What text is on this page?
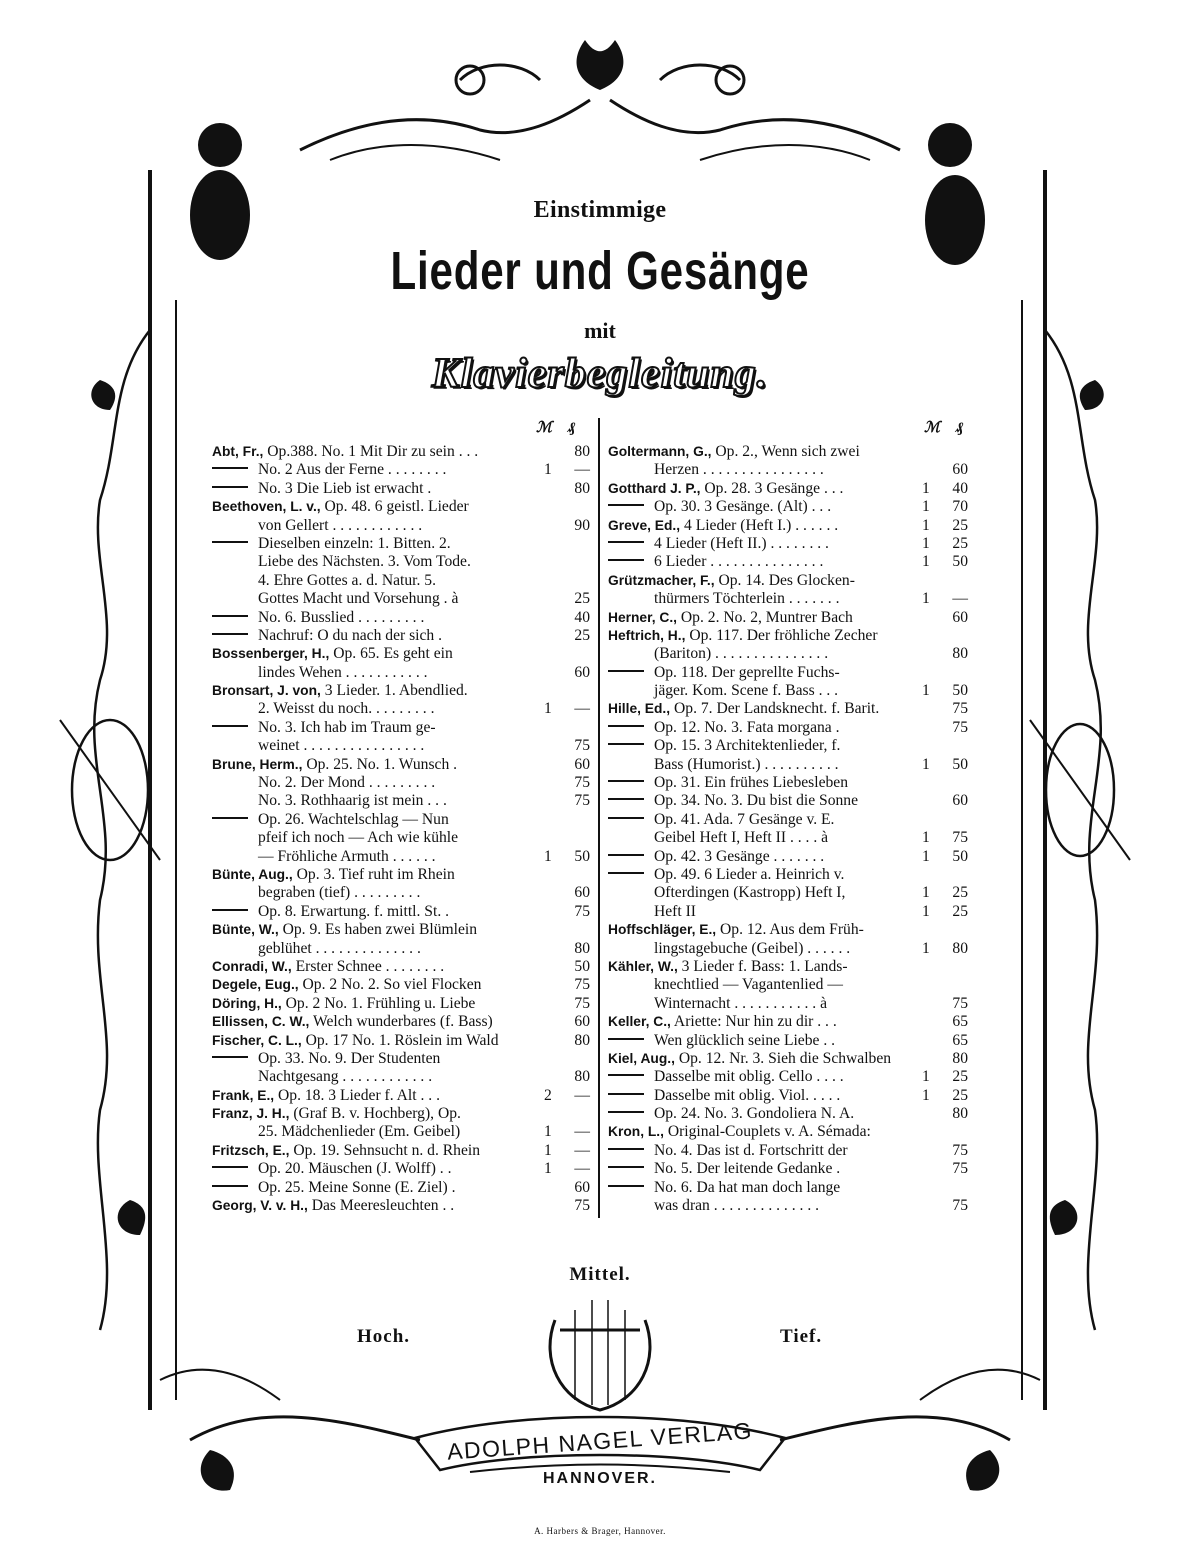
Einstimmige
Lieder und Gesänge
mit
Klavierbegleitung.
ℳ ₰	ℳ ₰
Abt, Fr., Op.388. No. 1 Mit Dir zu sein . . .	80
No. 2 Aus der Ferne . . . . . . . .	1	—
No. 3 Die Lieb ist erwacht .	80
Beethoven, L. v., Op. 48. 6 geistl. Lieder
von Gellert . . . . . . . . . . . .	90
Dieselben einzeln: 1. Bitten. 2.
Liebe des Nächsten. 3. Vom Tode.
4. Ehre Gottes a. d. Natur. 5.
Gottes Macht und Vorsehung . à	25
No. 6. Busslied . . . . . . . . .	40
Nachruf: O du nach der sich .	25
Bossenberger, H., Op. 65. Es geht ein
lindes Wehen . . . . . . . . . . .	60
Bronsart, J. von, 3 Lieder. 1. Abendlied.
2. Weisst du noch. . . . . . . . .	1	—
No. 3. Ich hab im Traum ge-
weinet . . . . . . . . . . . . . . . .	75
Brune, Herm., Op. 25. No. 1. Wunsch .	60
No. 2. Der Mond . . . . . . . . .	75
No. 3. Rothhaarig ist mein . . .	75
Op. 26. Wachtelschlag — Nun
pfeif ich noch — Ach wie kühle
— Fröhliche Armuth . . . . . .	1	50
Bünte, Aug., Op. 3. Tief ruht im Rhein
begraben (tief) . . . . . . . . .	60
Op. 8. Erwartung. f. mittl. St. .	75
Bünte, W., Op. 9. Es haben zwei Blümlein
geblühet . . . . . . . . . . . . . .	80
Conradi, W., Erster Schnee . . . . . . . .	50
Degele, Eug., Op. 2 No. 2. So viel Flocken	75
Döring, H., Op. 2 No. 1. Frühling u. Liebe	75
Ellissen, C. W., Welch wunderbares (f. Bass)	60
Fischer, C. L., Op. 17 No. 1. Röslein im Wald	80
Op. 33. No. 9. Der Studenten
Nachtgesang . . . . . . . . . . . .	80
Frank, E., Op. 18. 3 Lieder f. Alt . . .	2	—
Franz, J. H., (Graf B. v. Hochberg), Op.
25. Mädchenlieder (Em. Geibel)	1	—
Fritzsch, E., Op. 19. Sehnsucht n. d. Rhein	1	—
Op. 20. Mäuschen (J. Wolff) . .	1	—
Op. 25. Meine Sonne (E. Ziel) .	60
Georg, V. v. H., Das Meeresleuchten . .	75
Goltermann, G., Op. 2., Wenn sich zwei
Herzen . . . . . . . . . . . . . . . .	60
Gotthard J. P., Op. 28. 3 Gesänge . . .	1	40
Op. 30. 3 Gesänge. (Alt) . . .	1	70
Greve, Ed., 4 Lieder (Heft I.) . . . . . .	1	25
4 Lieder (Heft II.) . . . . . . . .	1	25
6 Lieder . . . . . . . . . . . . . . .	1	50
Grützmacher, F., Op. 14. Des Glocken-
thürmers Töchterlein . . . . . . .	1	—
Herner, C., Op. 2. No. 2, Muntrer Bach	60
Heftrich, H., Op. 117. Der fröhliche Zecher
(Bariton) . . . . . . . . . . . . . . .	80
Op. 118. Der geprellte Fuchs-
jäger. Kom. Scene f. Bass . . .	1	50
Hille, Ed., Op. 7. Der Landsknecht. f. Barit.	75
Op. 12. No. 3. Fata morgana .	75
Op. 15. 3 Architektenlieder, f.
Bass (Humorist.) . . . . . . . . . .	1	50
Op. 31. Ein frühes Liebesleben
Op. 34. No. 3. Du bist die Sonne	60
Op. 41. Ada. 7 Gesänge v. E.
Geibel Heft I, Heft II . . . . à	1	75
Op. 42. 3 Gesänge . . . . . . .	1	50
Op. 49. 6 Lieder a. Heinrich v.
Ofterdingen (Kastropp) Heft I,	1	25
Heft II	1	25
Hoffschläger, E., Op. 12. Aus dem Früh-
lingstagebuche (Geibel) . . . . . .	1	80
Kähler, W., 3 Lieder f. Bass: 1. Lands-
knechtlied — Vagantenlied —
Winternacht . . . . . . . . . . . à	75
Keller, C., Ariette: Nur hin zu dir . . .	65
Wen glücklich seine Liebe . .	65
Kiel, Aug., Op. 12. Nr. 3. Sieh die Schwalben	80
Dasselbe mit oblig. Cello . . . .	1	25
Dasselbe mit oblig. Viol. . . . .	1	25
Op. 24. No. 3. Gondoliera N. A.	80
Kron, L., Original-Couplets v. A. Sémada:
No. 4. Das ist d. Fortschritt der	75
No. 5. Der leitende Gedanke .	75
No. 6. Da hat man doch lange
was dran . . . . . . . . . . . . . .	75
Mittel.
Hoch.	Tief.
ADOLPH NAGEL VERLAG
HANNOVER.
A. Harbers & Brager, Hannover.
